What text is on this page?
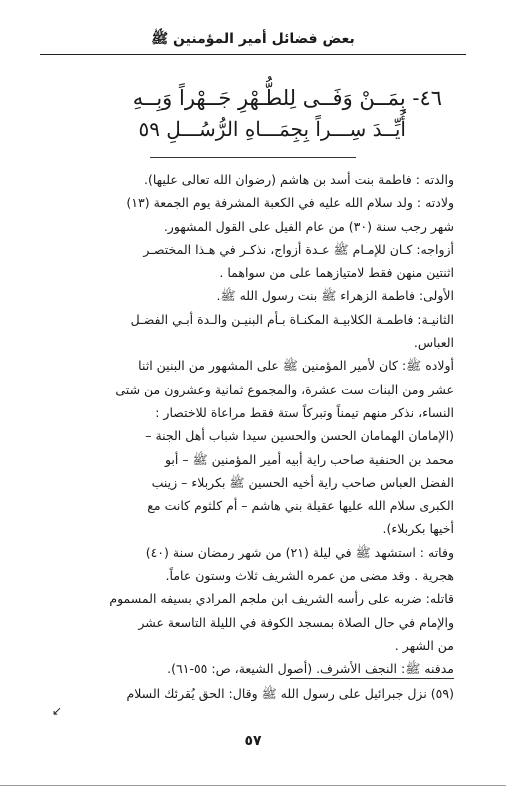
بعض فضائل أمير المؤمنين ﷺ
٤٦- بِمَــنْ وَفَــى لِلطُّـهْرِ جَــهْراً وَبِــهِ
أُيِّــدَ سِـــراً بِجِمَـــاهِ الرُّسُـــلِ ٥٩
والدته : فاطمة بنت أسد بن هاشم (رضوان الله تعالى عليها).
ولادته : ولد سلام الله عليه في الكعبة المشرفة يوم الجمعة (١٣)
شهر رجب سنة (٣٠) من عام الفيل على القول المشهور.
أزواجه: كـان للإمـام ﷺ عـدة أزواج، نذكـر في هـذا المختصـر
اثنتين منهن فقط لامتيازهما على من سواهما .
الأولى: فاطمة الزهراء ﷺ بنت رسول الله ﷺ.
الثانيـة: فاطمـة الكلابيـة المكنـاة بـأم البنيـن والـدة أبـي الفضـل
العباس.
أولاده ﷺ: كان لأمير المؤمنين ﷺ على المشهور من البنين اثنا
عشر ومن البنات ست عشرة، والمجموع ثمانية وعشرون من شتى
النساء، نذكر منهم تيمناً وتبركاً ستة فقط مراعاة للاختصار :
(الإمامان الهمامان الحسن والحسين سيدا شباب أهل الجنة –
محمد بن الحنفية صاحب راية أبيه أمير المؤمنين ﷺ – أبو
الفضل العباس صاحب راية أخيه الحسين ﷺ بكربلاء – زينب
الكبرى سلام الله عليها عقيلة بني هاشم – أم كلثوم كانت مع
أخيها بكربلاء).
وفاته : استشهد ﷺ في ليلة (٢١) من شهر رمضان سنة (٤٠)
هجرية . وقد مضى من عمره الشريف ثلاث وستون عاماً.
قاتله: ضربه على رأسه الشريف ابن ملجم المرادي بسيفه المسموم
والإمام في حال الصلاة بمسجد الكوفة في الليلة التاسعة عشر
من الشهر .
مدفنه ﷺ: النجف الأشرف. (أصول الشيعة، ص: ٥٥-٦١).
(٥٩) نزل جبرائيل على رسول الله ﷺ وقال: الحق يُقرئك السلام
↙
٥٧
